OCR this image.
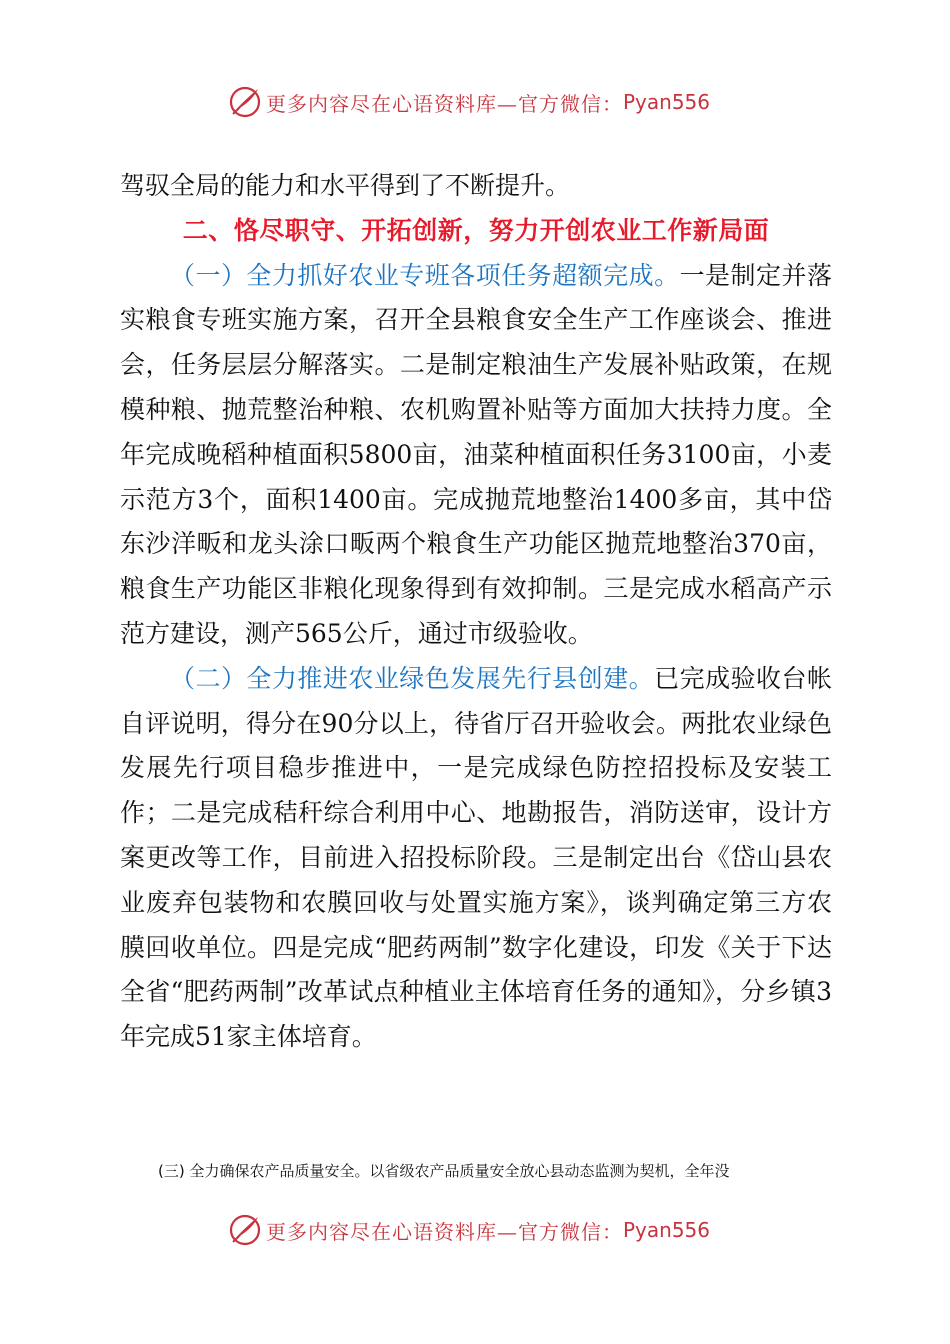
更多内容尽在心语资料库—官方微信： Pyan556

驾驭全局的能力和水平得到了不断提升。

二、恪尽职守、开拓创新，努力开创农业工作新局面

（一）全力抓好农业专班各项任务超额完成。一是制定并落实粮食专班实施方案，召开全县粮食安全生产工作座谈会、推进会，任务层层分解落实。二是制定粮油生产发展补贴政策，在规模种粮、抛荒整治种粮、农机购置补贴等方面加大扶持力度。全年完成晚稻种植面积5800亩，油菜种植面积任务3100亩，小麦示范方3个，面积1400亩。完成抛荒地整治1400多亩，其中岱东沙洋畈和龙头涂口畈两个粮食生产功能区抛荒地整治370亩，粮食生产功能区非粮化现象得到有效抑制。三是完成水稻高产示范方建设，测产565公斤，通过市级验收。

（二）全力推进农业绿色发展先行县创建。已完成验收台帐自评说明，得分在90分以上，待省厅召开验收会。两批农业绿色发展先行项目稳步推进中，一是完成绿色防控招投标及安装工作；二是完成秸秆综合利用中心、地勘报告，消防送审，设计方案更改等工作，目前进入招投标阶段。三是制定出台《岱山县农业废弃包装物和农膜回收与处置实施方案》，谈判确定第三方农膜回收单位。四是完成“肥药两制”数字化建设，印发《关于下达全省“肥药两制”改革试点种植业主体培育任务的通知》，分乡镇3年完成51家主体培育。

(三) 全力确保农产品质量安全。以省级农产品质量安全放心县动态监测为契机，全年没
更多内容尽在心语资料库—官方微信： Pyan556
